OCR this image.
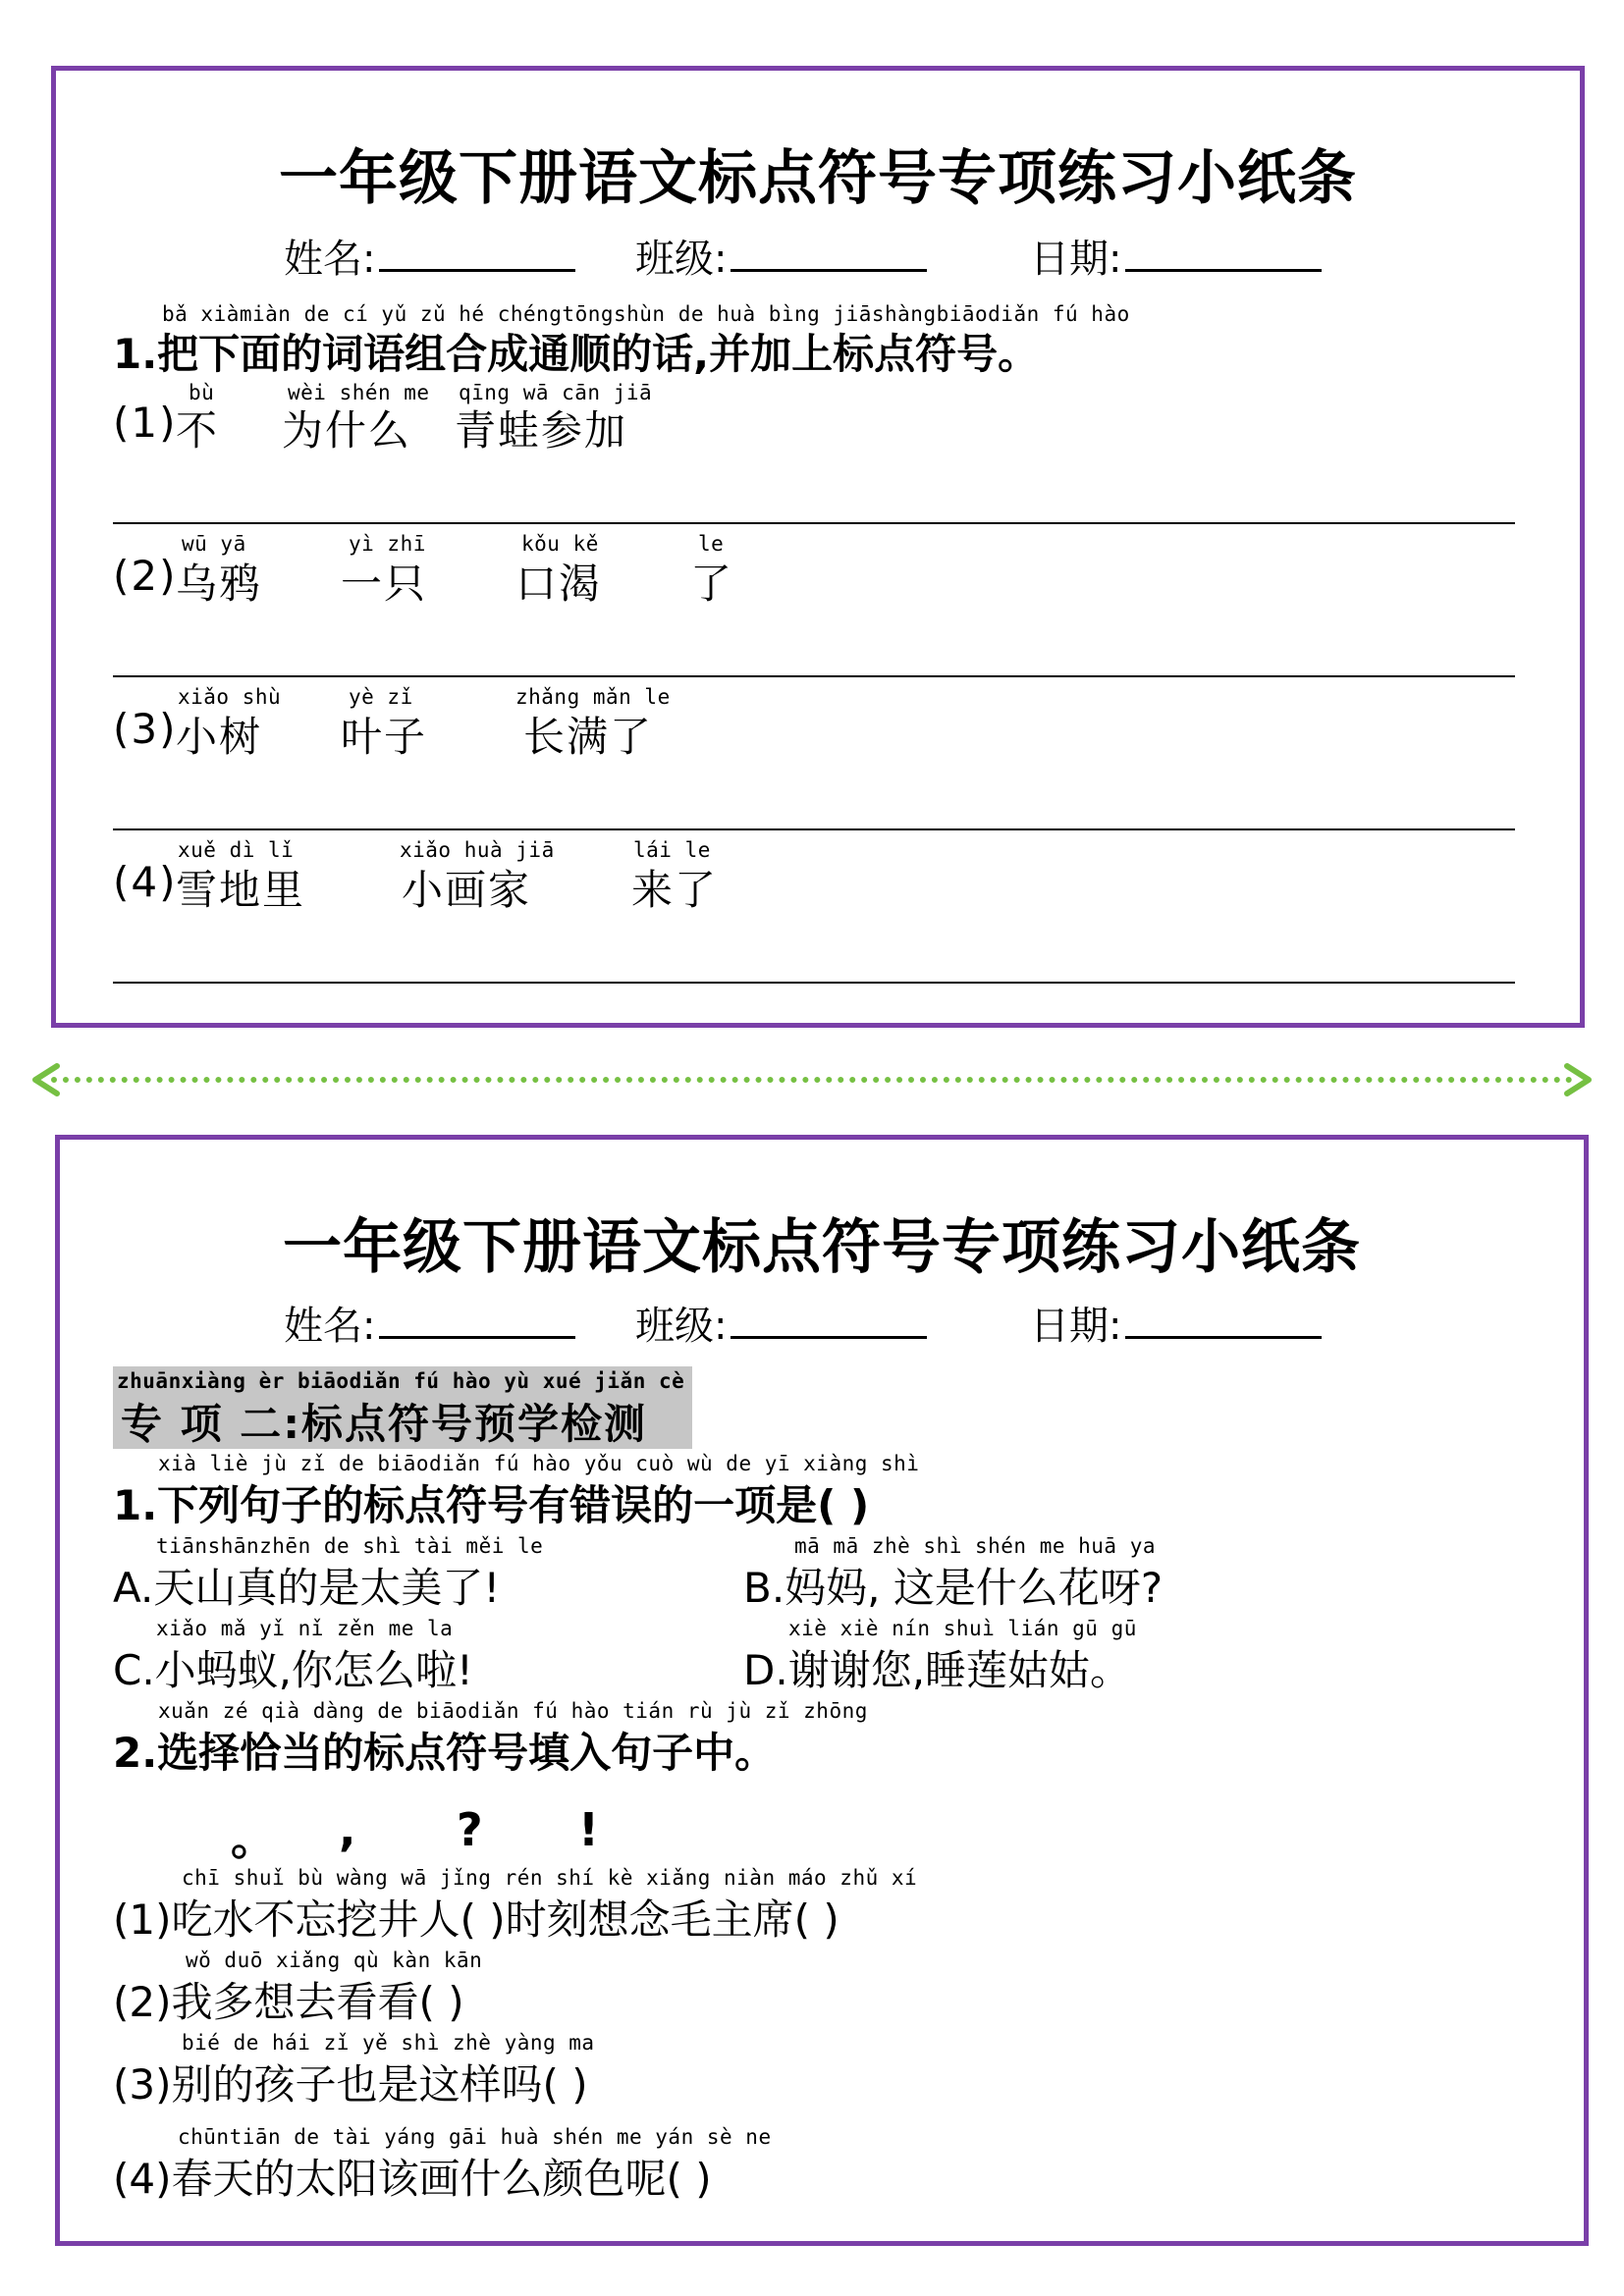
一年级下册语文标点符号专项练习小纸条
姓名:	班级:	日期:
bǎ xiàmiàn de cí yǔ zǔ hé chéngtōngshùn de huà bìng jiāshàngbiāodiǎn fú hào
1.把下面的词语组合成通顺的话,并加上标点符号。
bù	wèi shén me qīng wā cān jiā
(1)
不 为什么 青蛙参加
wū yā	yì zhī	kǒu kě	le
(2)
乌鸦 一只 口渴 了
xiǎo shù	yè zǐ	zhǎng mǎn le
(3)
小树 叶子 长满了
xuě dì lǐ	xiǎo huà jiā	lái le
(4)
雪地里 小画家 来了
一年级下册语文标点符号专项练习小纸条
姓名:	班级:	日期:
zhuānxiàng èr biāodiǎn fú hào yù xué jiǎn cè
专 项 二:标点符号预学检测
xià liè jù zǐ de biāodiǎn fú hào yǒu cuò wù de yī xiàng shì
1.下列句子的标点符号有错误的一项是( )
tiānshānzhēn de shì tài měi le
A.天山真的是太美了!
mā mā zhè shì shén me huā ya
B.妈妈, 这是什么花呀?
xiǎo mǎ yǐ nǐ zěn me la
C.小蚂蚁,你怎么啦!
xiè xiè nín shuì lián gū gū
D.谢谢您,睡莲姑姑。
xuǎn zé qià dàng de biāodiǎn fú hào tián rù jù zǐ zhōng
2.选择恰当的标点符号填入句子中。
。 , ? !
chī shuǐ bù wàng wā jǐng rén shí kè xiǎng niàn máo zhǔ xí
(1)吃水不忘挖井人( )时刻想念毛主席( )
wǒ duō xiǎng qù kàn kān
(2)我多想去看看( )
bié de hái zǐ yě shì zhè yàng ma
(3)别的孩子也是这样吗( )
chūntiān de tài yáng gāi huà shén me yán sè ne
(4)春天的太阳该画什么颜色呢( )
